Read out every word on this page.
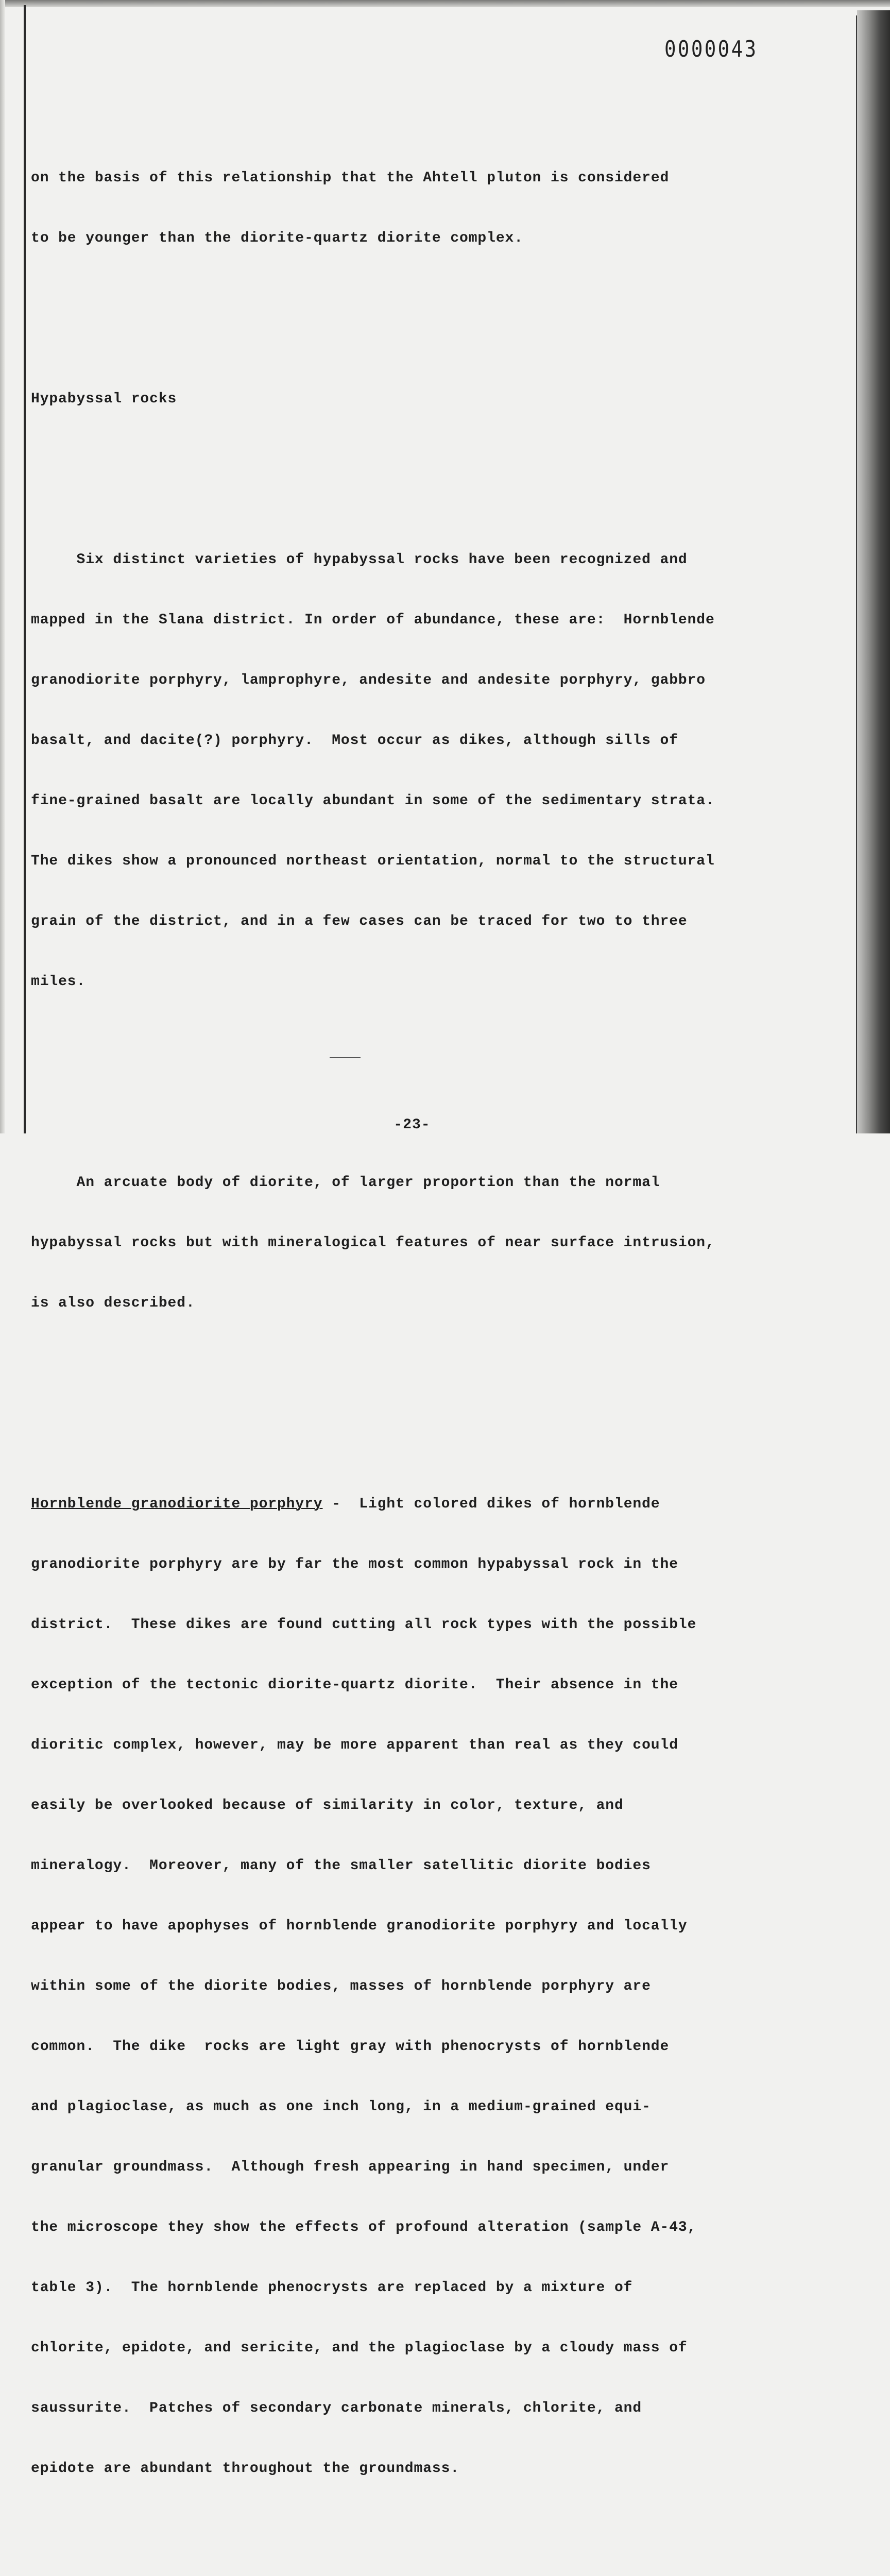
0000043

on the basis of this relationship that the Ahtell pluton is considered

to be younger than the diorite-quartz diorite complex.

Hypabyssal rocks

Six distinct varieties of hypabyssal rocks have been recognized and

mapped in the Slana district. In order of abundance, these are:  Hornblende

granodiorite porphyry, lamprophyre, andesite and andesite porphyry, gabbro

basalt, and dacite(?) porphyry.  Most occur as dikes, although sills of

fine-grained basalt are locally abundant in some of the sedimentary strata.

The dikes show a pronounced northeast orientation, normal to the structural

grain of the district, and in a few cases can be traced for two to three

miles.

An arcuate body of diorite, of larger proportion than the normal

hypabyssal rocks but with mineralogical features of near surface intrusion,

is also described.

Hornblende granodiorite porphyry -  Light colored dikes of hornblende

granodiorite porphyry are by far the most common hypabyssal rock in the

district.  These dikes are found cutting all rock types with the possible

exception of the tectonic diorite-quartz diorite.  Their absence in the

dioritic complex, however, may be more apparent than real as they could

easily be overlooked because of similarity in color, texture, and

mineralogy.  Moreover, many of the smaller satellitic diorite bodies

appear to have apophyses of hornblende granodiorite porphyry and locally

within some of the diorite bodies, masses of hornblende porphyry are

common.  The dike  rocks are light gray with phenocrysts of hornblende

and plagioclase, as much as one inch long, in a medium-grained equi-

granular groundmass.  Although fresh appearing in hand specimen, under

the microscope they show the effects of profound alteration (sample A-43,

table 3).  The hornblende phenocrysts are replaced by a mixture of

chlorite, epidote, and sericite, and the plagioclase by a cloudy mass of

saussurite.  Patches of secondary carbonate minerals, chlorite, and

epidote are abundant throughout the groundmass.

-23-
